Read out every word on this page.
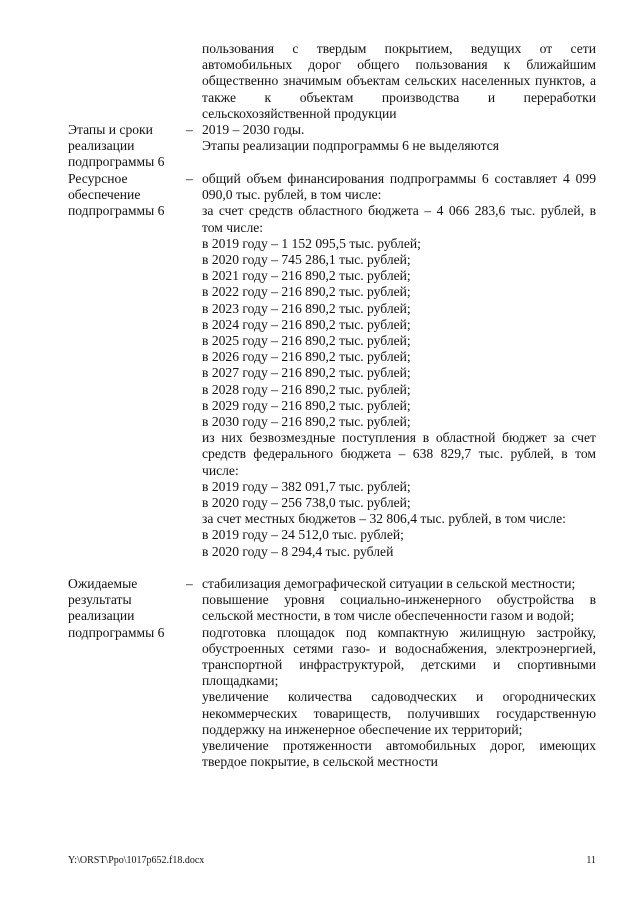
пользования с твердым покрытием, ведущих от сети автомобильных дорог общего пользования к ближайшим общественно значимым объектам сельских населенных пунктов, а также к объектам производства и переработки сельскохозяйственной продукции

Этапы и сроки реализации подпрограммы 6
– 2019 – 2030 годы.

Этапы реализации подпрограммы 6 не выделяются

Ресурсное обеспечение подпрограммы 6
– общий объем финансирования подпрограммы 6 составляет 4 099 090,0 тыс. рублей, в том числе:

за счет средств областного бюджета – 4 066 283,6 тыс. рублей, в том числе:

в 2019 году – 1 152 095,5 тыс. рублей;

в 2020 году – 745 286,1 тыс. рублей;

в 2021 году – 216 890,2 тыс. рублей;

в 2022 году – 216 890,2 тыс. рублей;

в 2023 году – 216 890,2 тыс. рублей;

в 2024 году – 216 890,2 тыс. рублей;

в 2025 году – 216 890,2 тыс. рублей;

в 2026 году – 216 890,2 тыс. рублей;

в 2027 году – 216 890,2 тыс. рублей;

в 2028 году – 216 890,2 тыс. рублей;

в 2029 году – 216 890,2 тыс. рублей;

в 2030 году – 216 890,2 тыс. рублей;

из них безвозмездные поступления в областной бюджет за счет средств федерального бюджета – 638 829,7 тыс. рублей, в том числе:

в 2019 году – 382 091,7 тыс. рублей;

в 2020 году – 256 738,0 тыс. рублей;

за счет местных бюджетов – 32 806,4 тыс. рублей, в том числе:

в 2019 году – 24 512,0 тыс. рублей;

в 2020 году – 8 294,4 тыс. рублей

Ожидаемые результаты реализации подпрограммы 6
– стабилизация демографической ситуации в сельской местности;

повышение уровня социально-инженерного обустройства в сельской местности, в том числе обеспеченности газом и водой;

подготовка площадок под компактную жилищную застройку, обустроенных сетями газо- и водоснабжения, электроэнергией, транспортной инфраструктурой, детскими и спортивными площадками;

увеличение количества садоводческих и огороднических некоммерческих товариществ, получивших государственную поддержку на инженерное обеспечение их территорий;

увеличение протяженности автомобильных дорог, имеющих твердое покрытие, в сельской местности

Y:\ORST\Ppo\1017p652.f18.docx	11
